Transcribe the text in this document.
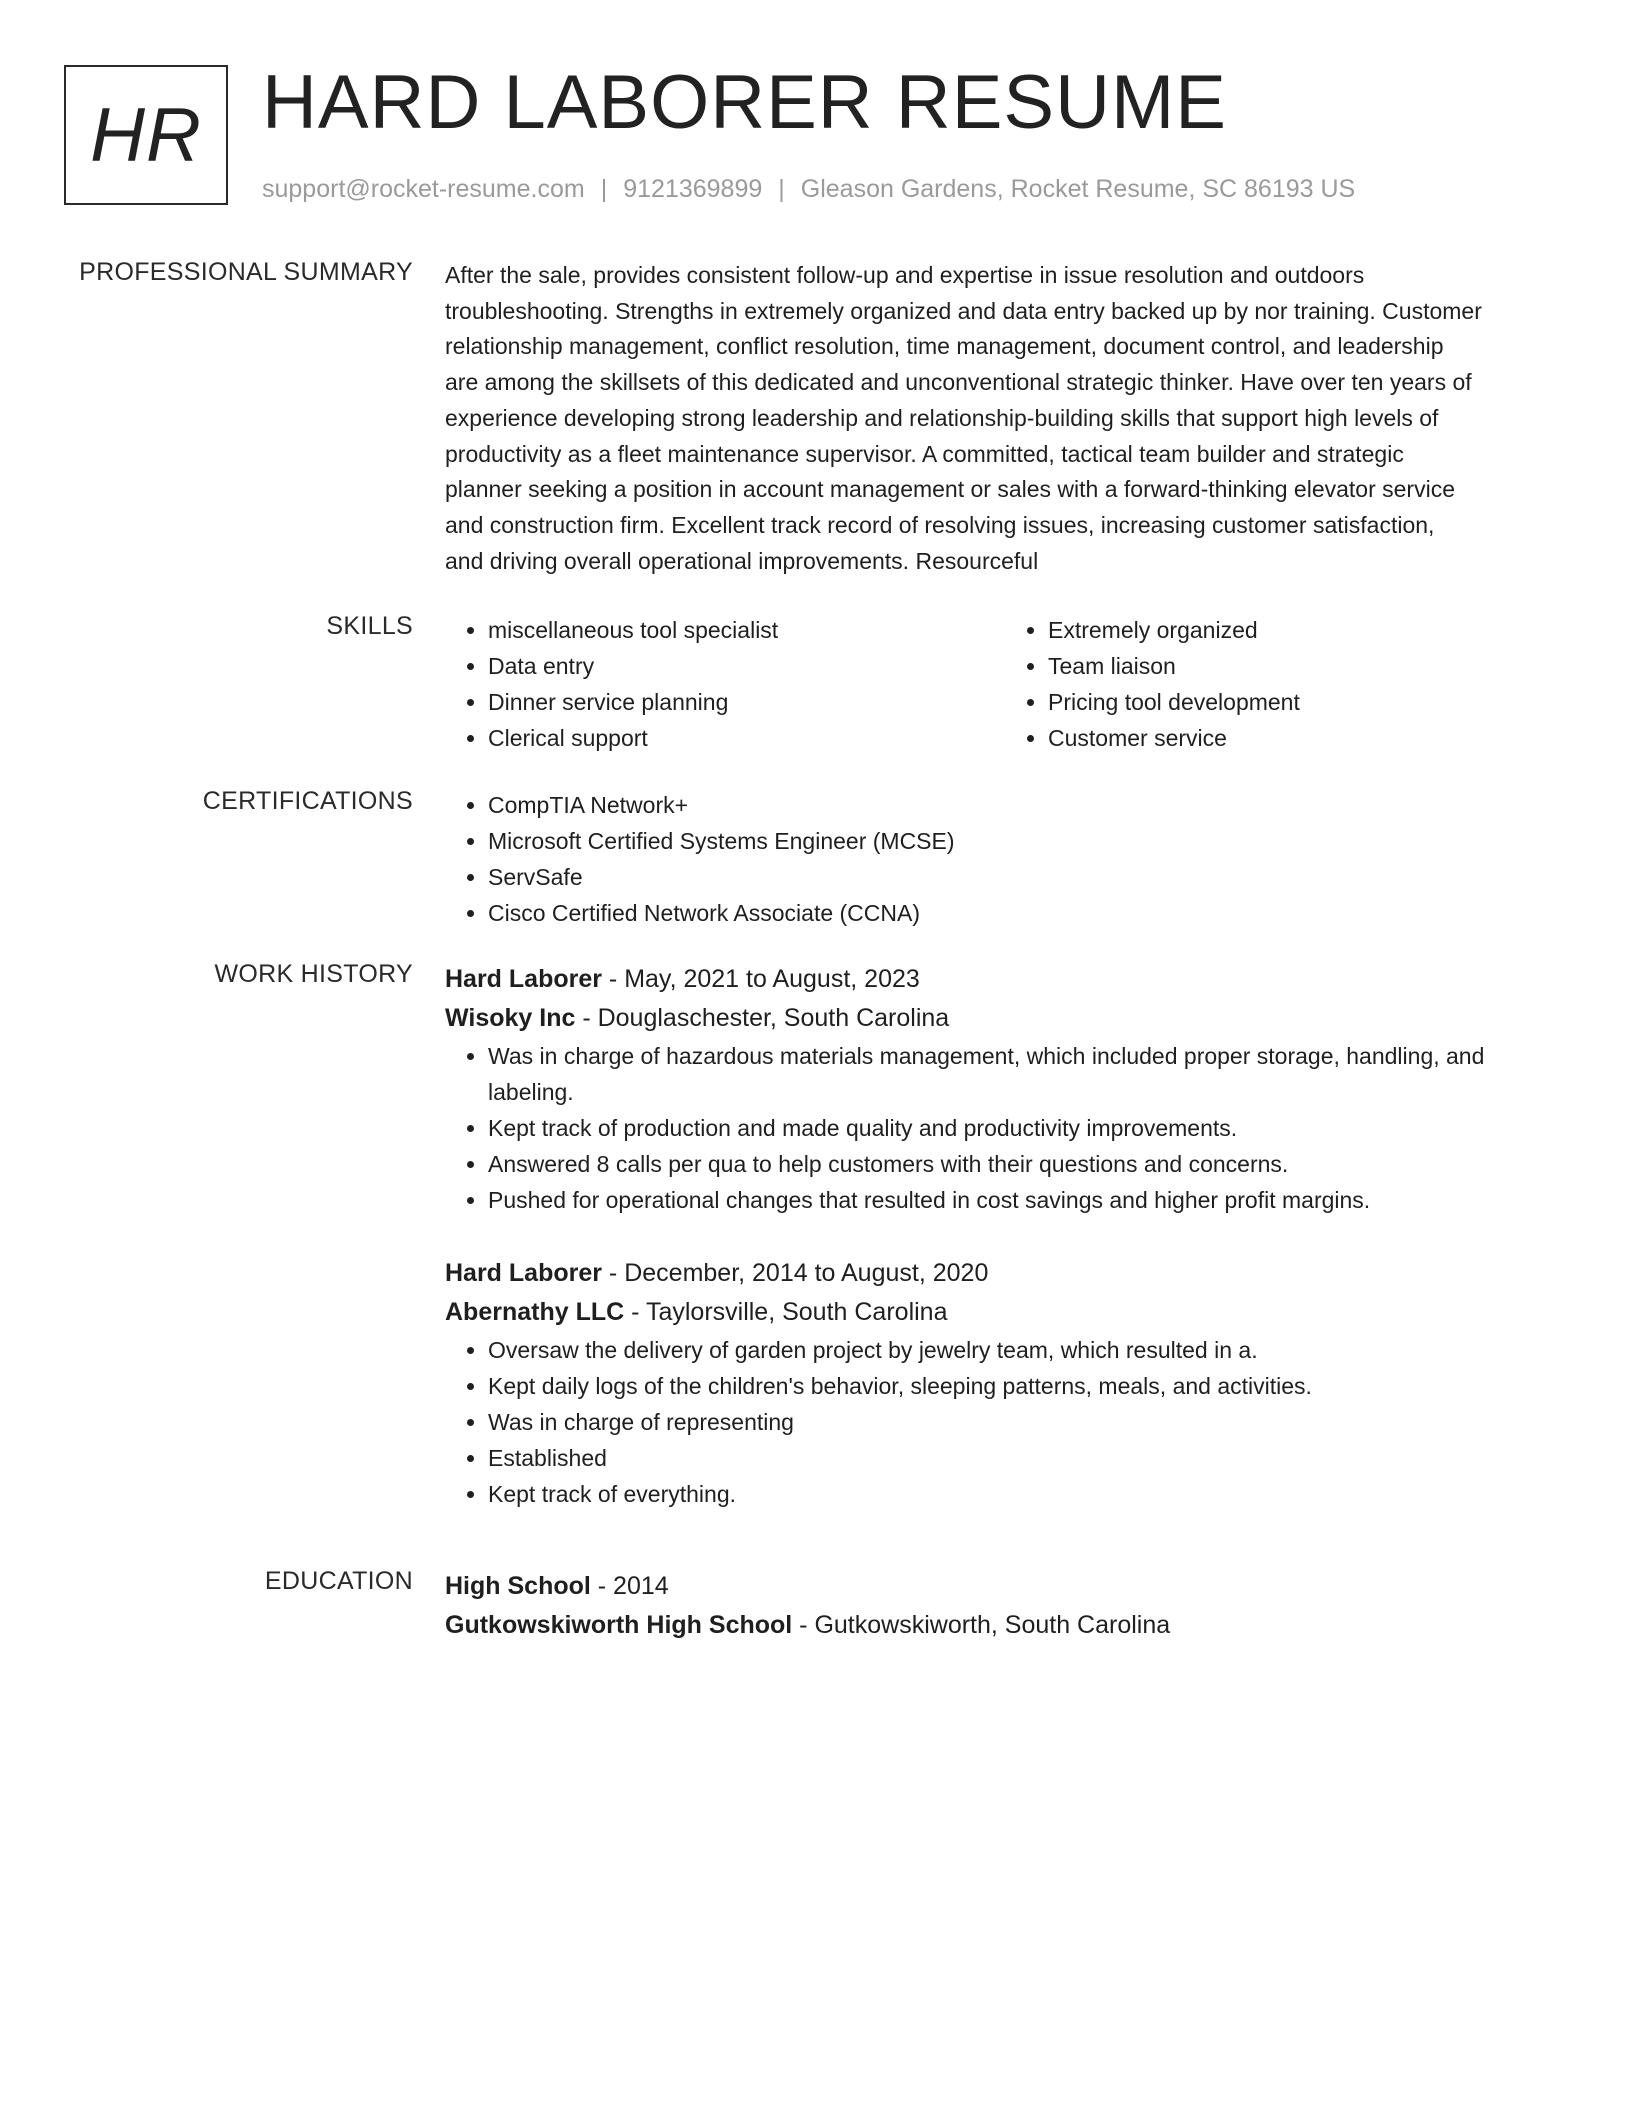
HR HARD LABORER RESUME
support@rocket-resume.com | 9121369899 | Gleason Gardens, Rocket Resume, SC 86193 US
PROFESSIONAL SUMMARY After the sale, provides consistent follow-up and expertise in issue resolution and outdoors
troubleshooting. Strengths in extremely organized and data entry backed up by nor training. Customer
relationship management, conflict resolution, time management, document control, and leadership
are among the skillsets of this dedicated and unconventional strategic thinker. Have over ten years of
experience developing strong leadership and relationship-building skills that support high levels of
productivity as a fleet maintenance supervisor. A committed, tactical team builder and strategic
planner seeking a position in account management or sales with a forward-thinking elevator service
and construction firm. Excellent track record of resolving issues, increasing customer satisfaction,
and driving overall operational improvements. Resourceful

SKILLS	• miscellaneous tool specialist
• Data entry
• Dinner service planning
• Clerical support
• Extremely organized
• Team liaison
• Pricing tool development
• Customer service
CERTIFICATIONS	• CompTIA Network+
• Microsoft Certified Systems Engineer (MCSE)
• ServSafe
• Cisco Certified Network Associate (CCNA)
WORK HISTORY Hard Laborer - May, 2021 to August, 2023
Wisoky Inc - Douglaschester, South Carolina
• Was in charge of hazardous materials management, which included proper storage, handling, and
labeling.
• Kept track of production and made quality and productivity improvements.
• Answered 8 calls per qua to help customers with their questions and concerns.
• Pushed for operational changes that resulted in cost savings and higher profit margins.
Hard Laborer - December, 2014 to August, 2020
Abernathy LLC - Taylorsville, South Carolina
• Oversaw the delivery of garden project by jewelry team, which resulted in a.
• Kept daily logs of the children's behavior, sleeping patterns, meals, and activities.
• Was in charge of representing
• Established
• Kept track of everything.
EDUCATION High School - 2014
Gutkowskiworth High School - Gutkowskiworth, South Carolina
